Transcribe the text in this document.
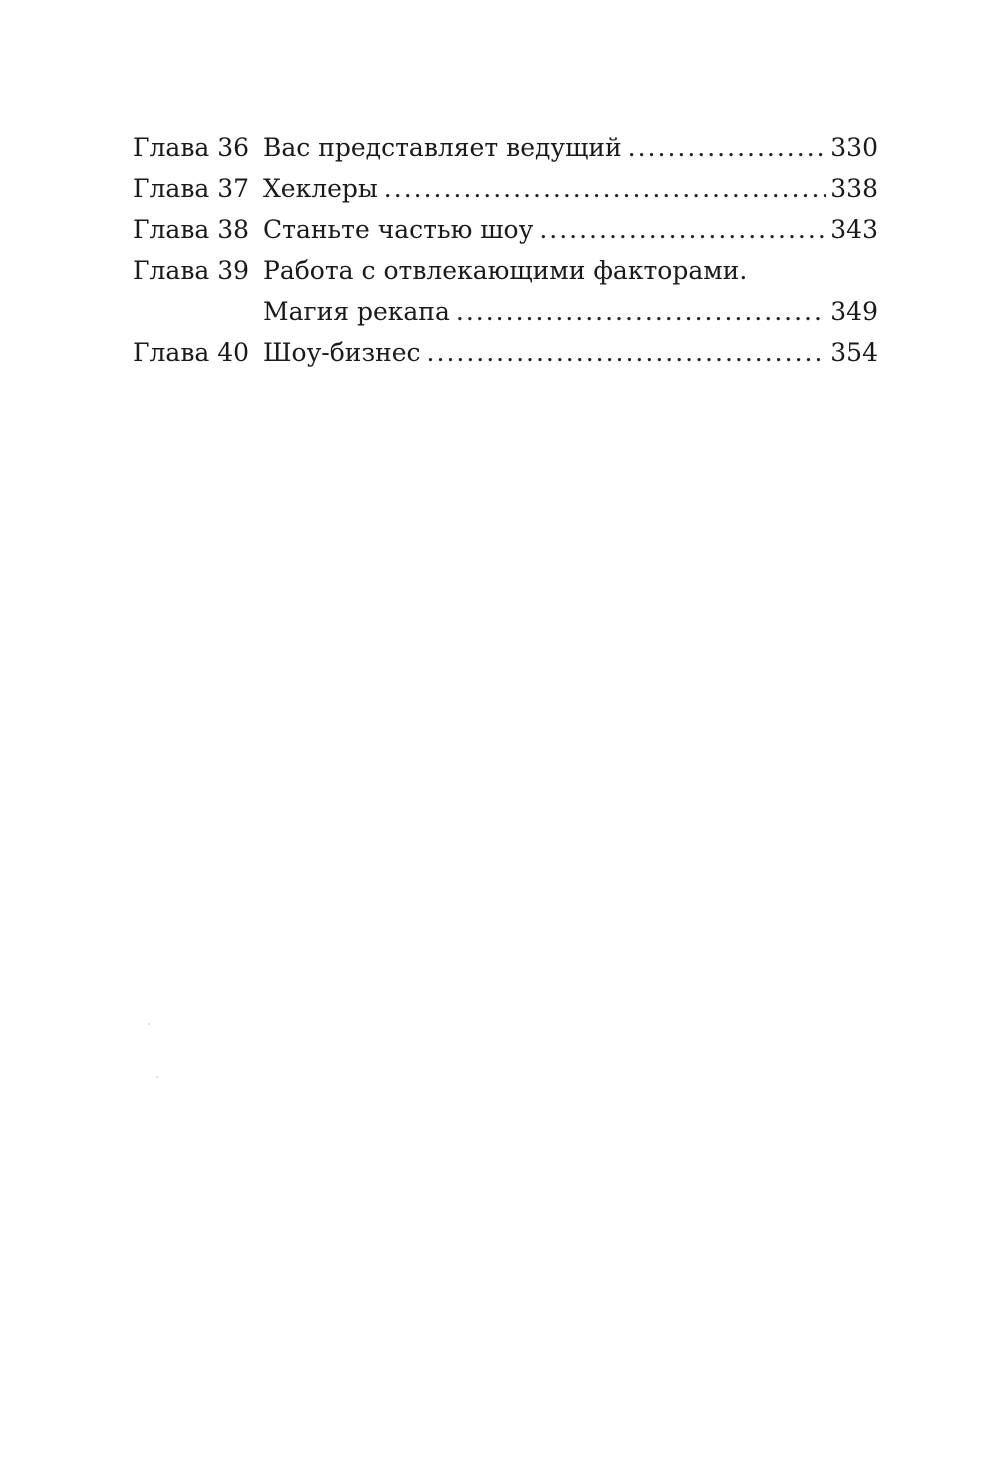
Глава 36 Вас представляет ведущий .....	330
Глава 37 Хеклеры .....	338
Глава 38 Станьте частью шоу .....	343
Глава 39 Работа с отвлекающими факторами.
Магия рекапа .....	349
Глава 40 Шоу-бизнес .....	354
